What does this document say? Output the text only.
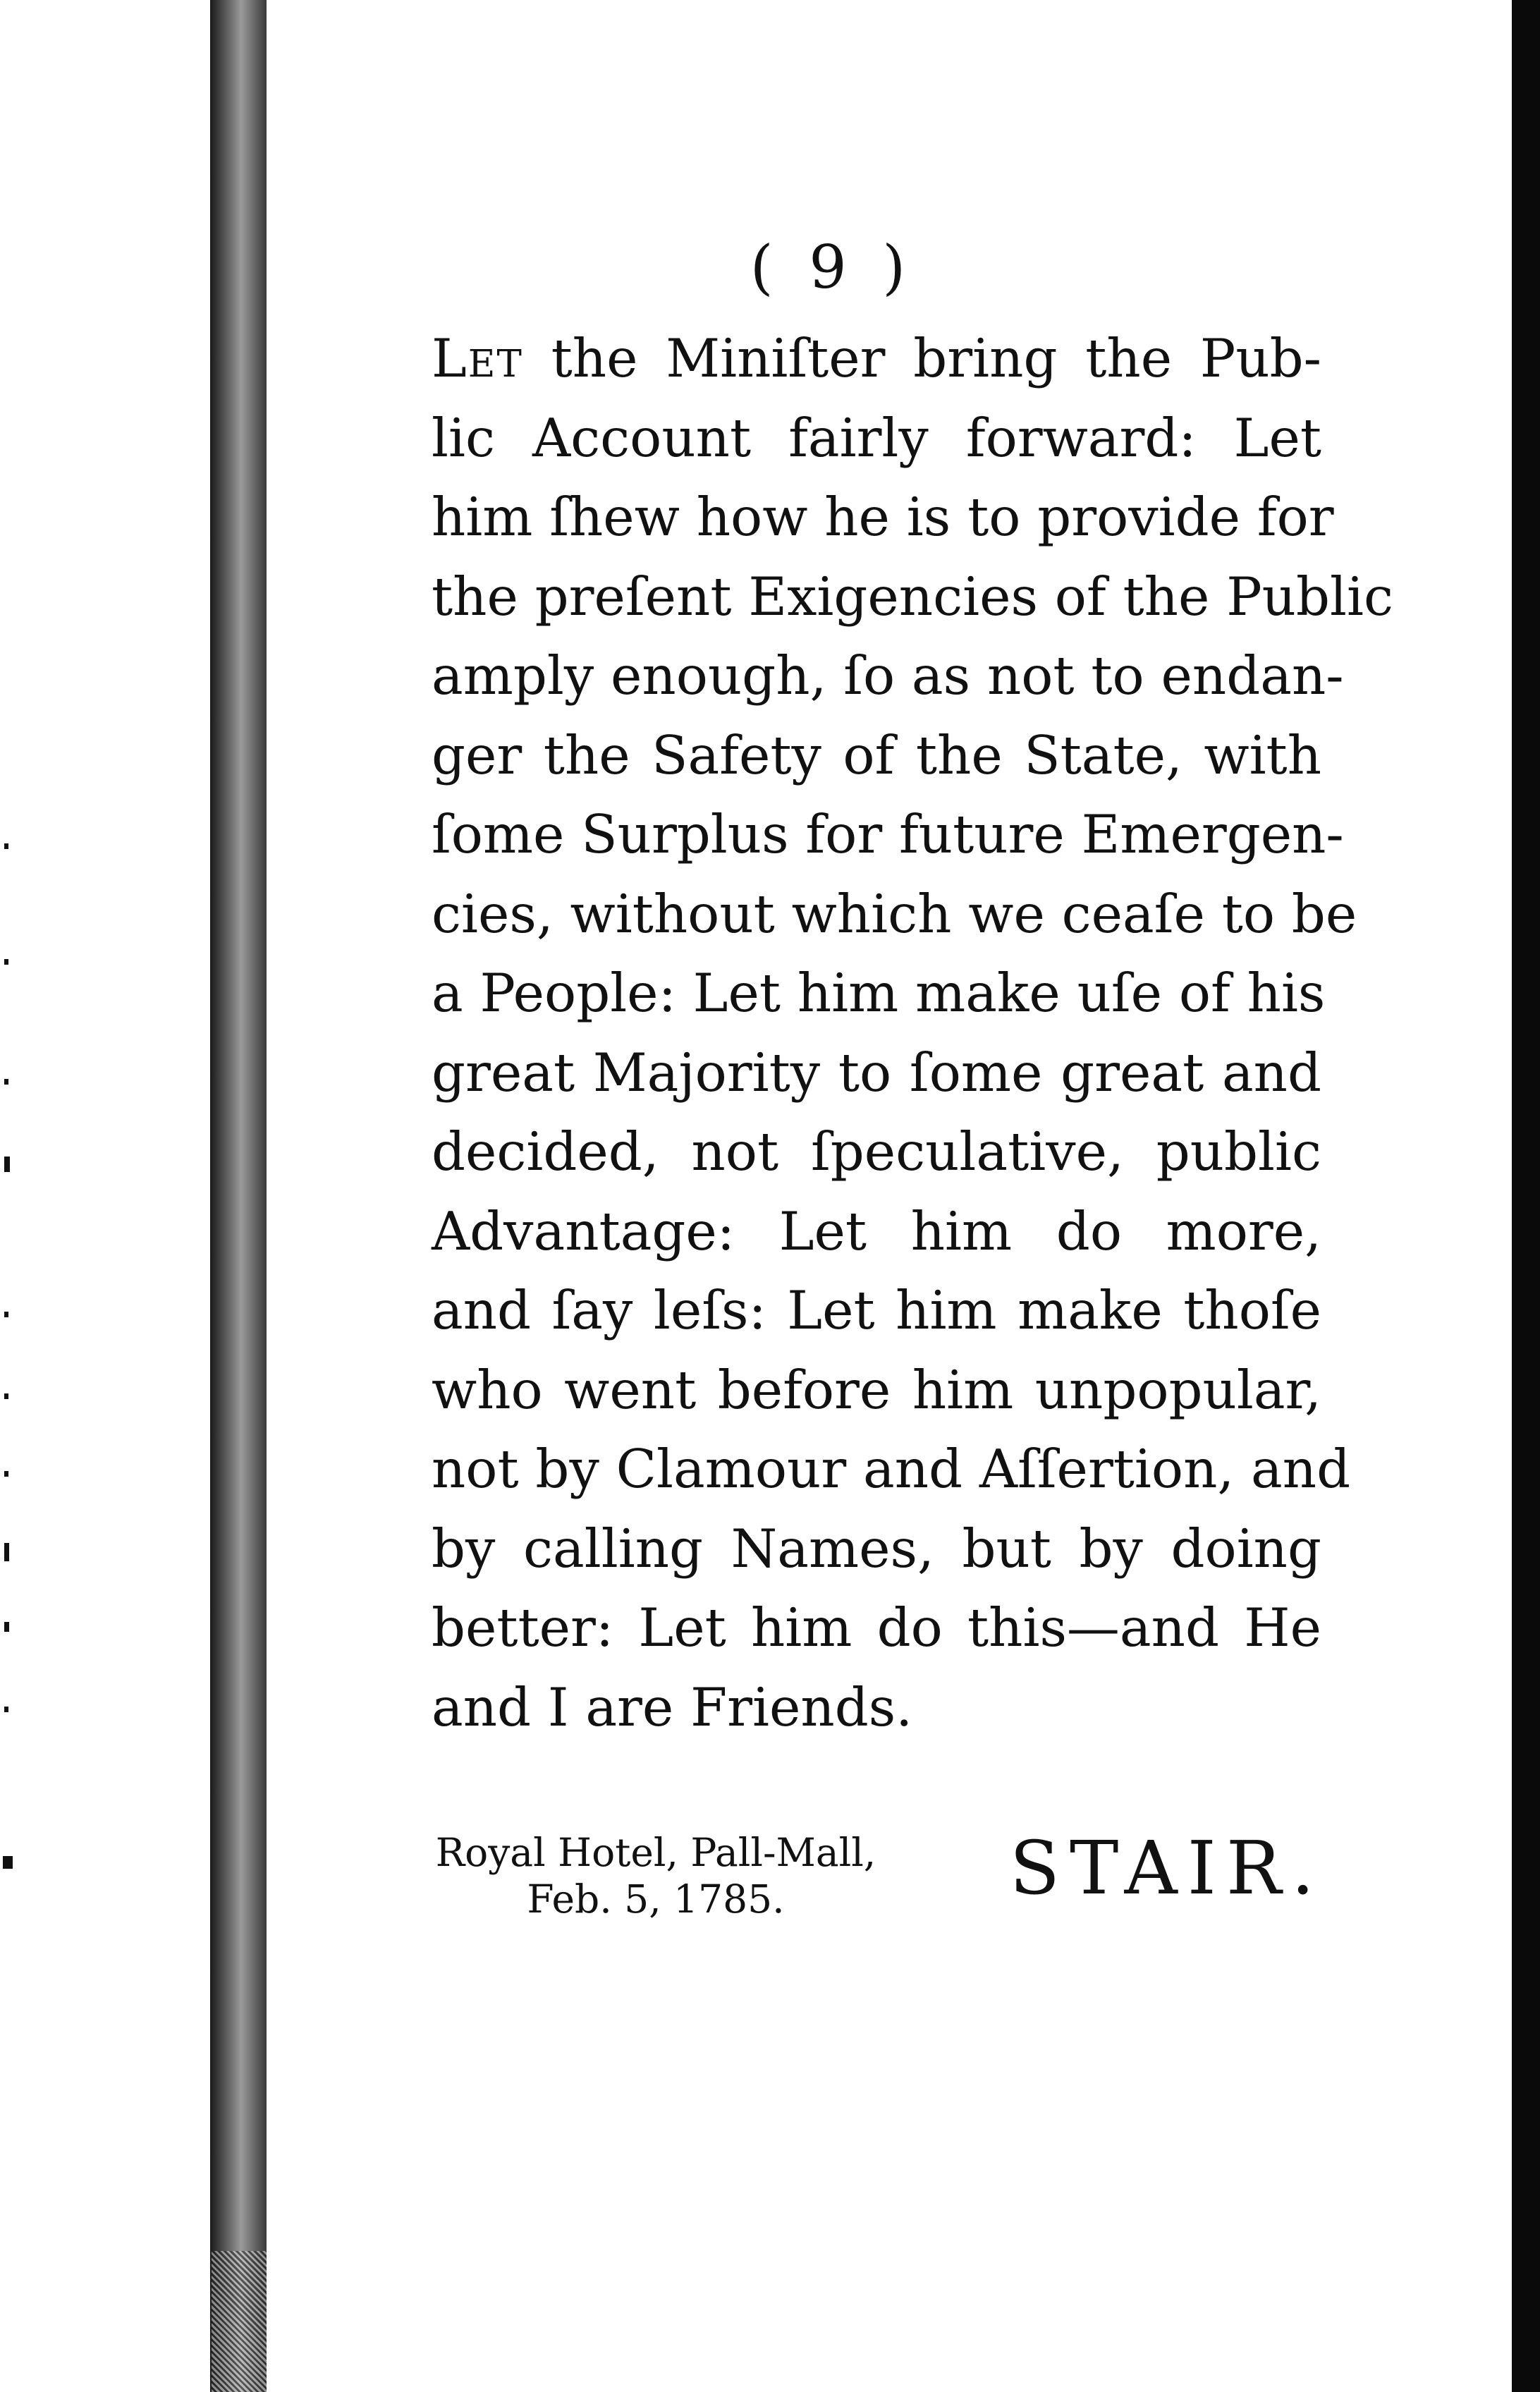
( 9 )
Let the Miniſter bring the Pub-
lic Account fairly forward: Let
him ſhew how he is to provide for
the preſent Exigencies of the Public
amply enough, ſo as not to endan-
ger the Safety of the State, with
ſome Surplus for future Emergen-
cies, without which we ceaſe to be
a People: Let him make uſe of his
great Majority to ſome great and
decided, not ſpeculative, public
Advantage: Let him do more,
and ſay leſs: Let him make thoſe
who went before him unpopular,
not by Clamour and Aſſertion, and
by calling Names, but by doing
better: Let him do this—and He
and I are Friends.
Royal Hotel, Pall-Mall,
Feb. 5, 1785.	STAIR.
